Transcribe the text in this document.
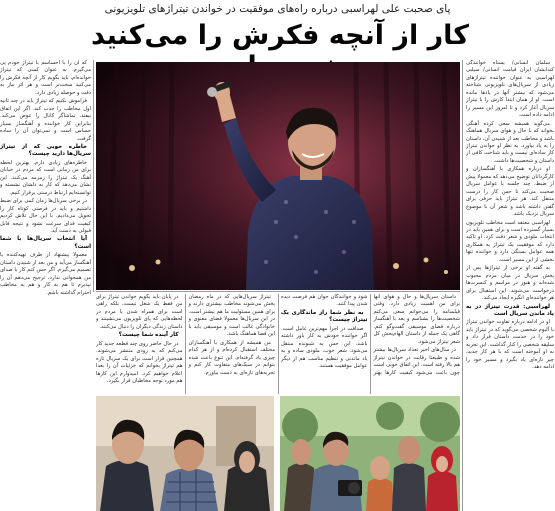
پای صحبت علی لهراسبی درباره راه‌های موفقیت در خواندن تیتراژهای تلویزیونی
کار از آنچه فکرش را می‌کنید

سلمان انسانی/ یسناه خوانندگی کندابشان ایران قیامت انسانی/ سیلبی لهراسبی به عنوان خواننده تیتراژهای زیادی از سریال‌های تلویزیونی شناخته می‌شود که بیشتر آنها در یادها مانده است. او از همان ابتدا کارش را با تیتراژ سریال آغاز کرد و تا امروز این مسیر را ادامه داده است.

می‌گوید همیشه سعی کرده آهنگی بخواند که با حال و هوای سریال هماهنگ باشد و مخاطب بعد از شنیدن آن، داستان را به یاد بیاورد. به نظر او خواندن تیتراژ کار ساده‌ای نیست و باید شناخت کافی از داستان و شخصیت‌ها داشت.

او درباره همکاری با آهنگسازان و کارگردانان توضیح می‌دهد که معمولا پیش از ضبط، چند جلسه با عوامل سریال صحبت می‌کند تا حس کار را درست منتقل کند. هر تیتراژ باید حرفی برای گفتن داشته باشد و شعر آن با موضوع سریال نزدیک باشد.

لهراسبی معتقد است مخاطب تلویزیون بسیار گسترده است و برای همین باید در انتخاب ملودی و شعر دقت کرد. او تاکید دارد که موفقیت یک تیتراژ به همکاری همه عوامل بستگی دارد و خواننده تنها بخشی از این مسیر است.

به گفته او برخی از تیتراژها پس از پخش سریال در میان مردم محبوب شده‌اند و هنوز در مراسم و کنسرت‌ها درخواست می‌شوند. این استقبال برای هر خواننده‌ای انگیزه ایجاد می‌کند.

لهراسبی: قدرت تیتراژ در به یاد ماندن سریال است

او در ادامه درباره تفاوت خواندن تیتراژ با آلبوم شخصی می‌گوید که در تیتراژ باید خود را در خدمت داستان قرار داد و سلیقه شخصی را کنار گذاشت. این تجربه به او آموخته است که با هر کار جدید، چیز تازه‌ای یاد بگیرد و مسیر خود را ادامه دهد.

که آن را با احساسم با تیتراژ خودم پی می‌گیرم. به عنوان کسی که تیتراژ خوانده‌ام، باید بگویم کار از آنچه فکرش را می‌کنید سخت‌تر است و هر اثر نیاز به دقت و حوصله زیادی دارد.

فراموش نکنیم که تیتراژ باید در چند ثانیه اول مخاطب را جذب کند. اگر این اتفاق نیفتد، تماشاگر کانال را عوض می‌کند. بنابراین کار خواننده و آهنگساز بسیار حساس است و نمی‌توان آن را ساده گرفت.

خاطره خوبی که از تیتراژ سریال‌ها دارید چیست؟

خاطره‌های زیادی دارم. بهترین لحظه برای من زمانی است که مردم در خیابان آهنگ یک تیتراژ را زمزمه می‌کنند. این نشان می‌دهد که کار به دلشان نشسته و توانسته‌ایم ارتباط درستی برقرار کنیم.

در برخی سریال‌ها زمان کمی برای ضبط داشتیم و باید در فرصتی کوتاه کار را تحویل می‌دادیم. با این حال تلاش کردیم کیفیت فدای سرعت نشود و نتیجه قابل قبولی به دست آید.

آیا انتخاب سریال‌ها با شما است؟

معمولا پیشنهاد از طرف تهیه‌کننده یا آهنگساز می‌آید و من بعد از شنیدن داستان تصمیم می‌گیرم. اگر حس کنم کار با صدای من همخوانی ندارد، ترجیح می‌دهم آن را نپذیرم تا هم به کار و هم به مخاطب احترام گذاشته باشم.

داستان سریال‌ها و حال و هوای آنها برای من اهمیت زیادی دارد. وقتی فیلمنامه را می‌خوانم سعی می‌کنم شخصیت‌ها را بشناسم و بعد با آهنگساز درباره فضای موسیقی گفت‌وگو کنم. گاهی یک جمله از داستان الهام‌بخش کل شعر تیتراژ می‌شود.

در سال‌های اخیر تعداد سریال‌ها بیشتر شده و طبیعتا رقابت در خواندن تیتراژ هم بالا رفته است. این اتفاق خوبی است چون باعث می‌شود کیفیت کارها بهتر شود و خوانندگان جوان هم فرصت دیده شدن پیدا کنند.

به نظر شما راز ماندگاری یک تیتراژ چیست؟

صداقت در اجرا مهم‌ترین عامل است. اگر خواننده خودش به کار باور داشته باشد، این حس به شنونده منتقل می‌شود. شعر خوب، ملودی ساده و به یاد ماندنی و تنظیم مناسب هم از دیگر عوامل موفقیت هستند.

تیتراژ سریال‌هایی که در ماه رمضان پخش می‌شوند مخاطب بیشتری دارند و برای همین مسئولیت ما هم بیشتر است. در این سریال‌ها معمولا فضای معنوی و خانوادگی غالب است و موسیقی باید با این فضا هماهنگ باشد.

من همیشه از همکاری با آهنگسازان مختلف استقبال کرده‌ام و از هر کدام چیزی یاد گرفته‌ام. این تنوع باعث شده بتوانم در سبک‌های متفاوت کار کنم و تجربه‌های تازه‌ای به دست بیاورم.

در پایان باید بگویم خواندن تیتراژ برای من فقط یک شغل نیست، بلکه راهی است برای همراه شدن با مردم در لحظه‌هایی که پای تلویزیون می‌نشینند و داستان زندگی دیگران را دنبال می‌کنند.

کار آینده شما چیست؟

در حال حاضر روی چند قطعه جدید کار می‌کنم که به زودی منتشر می‌شوند. همچنین قرار است برای یک سریال تازه هم تیتراژ بخوانم که جزئیات آن را بعدا اعلام خواهیم کرد. امیدوارم این کارها هم مورد توجه مخاطبان قرار بگیرد.
